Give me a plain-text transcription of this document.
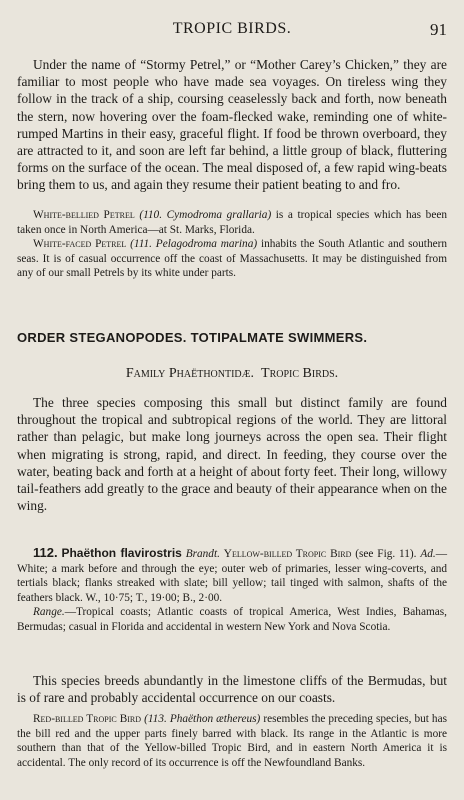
TROPIC BIRDS.	91

Under the name of “Stormy Petrel,” or “Mother Carey’s Chicken,” they are familiar to most people who have made sea voyages. On tireless wing they follow in the track of a ship, coursing ceaselessly back and forth, now beneath the stern, now hovering over the foam-flecked wake, reminding one of white-rumped Martins in their easy, graceful flight. If food be thrown overboard, they are attracted to it, and soon are left far behind, a little group of black, fluttering forms on the surface of the ocean. The meal disposed of, a few rapid wing-beats bring them to us, and again they resume their patient beating to and fro.

White-bellied Petrel (110. Cymodroma grallaria) is a tropical species which has been taken once in North America—at St. Marks, Florida.

White-faced Petrel (111. Pelagodroma marina) inhabits the South Atlantic and southern seas. It is of casual occurrence off the coast of Massachusetts. It may be distinguished from any of our small Petrels by its white under parts.

ORDER STEGANOPODES. TOTIPALMATE SWIMMERS.
Family Phaëthontidæ. Tropic Birds.

The three species composing this small but distinct family are found throughout the tropical and subtropical regions of the world. They are littoral rather than pelagic, but make long journeys across the open sea. Their flight when migrating is strong, rapid, and direct. In feeding, they course over the water, beating back and forth at a height of about forty feet. Their long, willowy tail-feathers add greatly to the grace and beauty of their appearance when on the wing.

112. Phaëthon flavirostris Brandt. Yellow-billed Tropic Bird (see Fig. 11). Ad.—White; a mark before and through the eye; outer web of primaries, lesser wing-coverts, and tertials black; flanks streaked with slate; bill yellow; tail tinged with salmon, shafts of the feathers black. W., 10·75; T., 19·00; B., 2·00.

Range.—Tropical coasts; Atlantic coasts of tropical America, West Indies, Bahamas, Bermudas; casual in Florida and accidental in western New York and Nova Scotia.

This species breeds abundantly in the limestone cliffs of the Bermudas, but is of rare and probably accidental occurrence on our coasts.

Red-billed Tropic Bird (113. Phaëthon æthereus) resembles the preceding species, but has the bill red and the upper parts finely barred with black. Its range in the Atlantic is more southern than that of the Yellow-billed Tropic Bird, and in eastern North America it is accidental. The only record of its occurrence is off the Newfoundland Banks.
